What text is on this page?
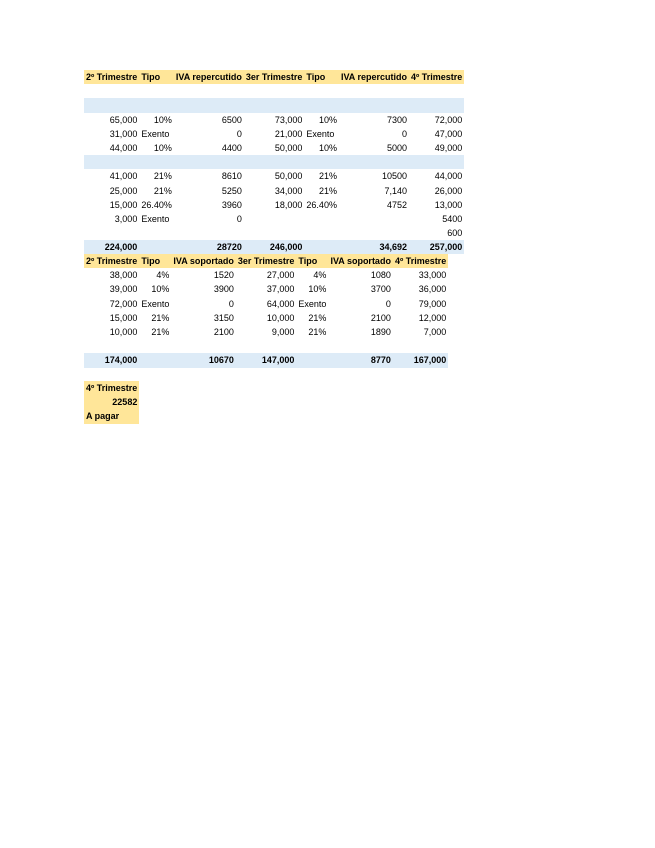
2º Trimestre	Tipo	IVA repercutido	3er Trimestre	Tipo	IVA repercutido	4º Trimestre

65,000	10%	6500	73,000	10%	7300	72,000
31,000	Exento	0	21,000	Exento	0	47,000
44,000	10%	4400	50,000	10%	5000	49,000

41,000	21%	8610	50,000	21%	10500	44,000
25,000	21%	5250	34,000	21%	7,140	26,000
15,000	26.40%	3960	18,000	26.40%	4752	13,000
3,000	Exento	0				5400
						600
224,000		28720	246,000		34,692	257,000
2º Trimestre	Tipo	IVA soportado	3er Trimestre	Tipo	IVA soportado	4º Trimestre
38,000	4%	1520	27,000	4%	1080	33,000
39,000	10%	3900	37,000	10%	3700	36,000
72,000	Exento	0	64,000	Exento	0	79,000
15,000	21%	3150	10,000	21%	2100	12,000
10,000	21%	2100	9,000	21%	1890	7,000

174,000		10670	147,000		8770	167,000
4º Trimestre
22582
A pagar
